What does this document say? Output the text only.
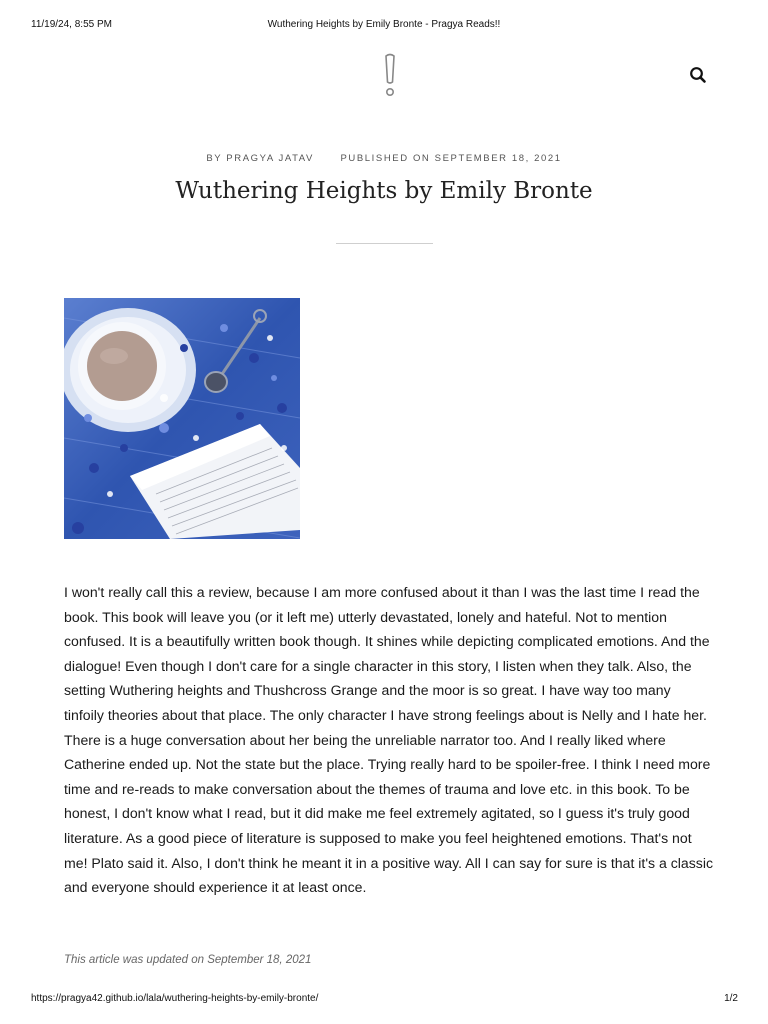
11/19/24, 8:55 PM	Wuthering Heights by Emily Bronte - Pragya Reads!!
BY PRAGYA JATAV	PUBLISHED ON SEPTEMBER 18, 2021
Wuthering Heights by Emily Bronte

I won't really call this a review, because I am more confused about it than I was the last time I read the book. This book will leave you (or it left me) utterly devastated, lonely and hateful. Not to mention confused. It is a beautifully written book though. It shines while depicting complicated emotions. And the dialogue! Even though I don't care for a single character in this story, I listen when they talk. Also, the setting Wuthering heights and Thushcross Grange and the moor is so great. I have way too many tinfoily theories about that place. The only character I have strong feelings about is Nelly and I hate her. There is a huge conversation about her being the unreliable narrator too. And I really liked where Catherine ended up. Not the state but the place. Trying really hard to be spoiler-free. I think I need more time and re-reads to make conversation about the themes of trauma and love etc. in this book. To be honest, I don't know what I read, but it did make me feel extremely agitated, so I guess it's truly good literature. As a good piece of literature is supposed to make you feel heightened emotions. That's not me! Plato said it. Also, I don't think he meant it in a positive way. All I can say for sure is that it's a classic and everyone should experience it at least once.

This article was updated on September 18, 2021

https://pragya42.github.io/lala/wuthering-heights-by-emily-bronte/	1/2
